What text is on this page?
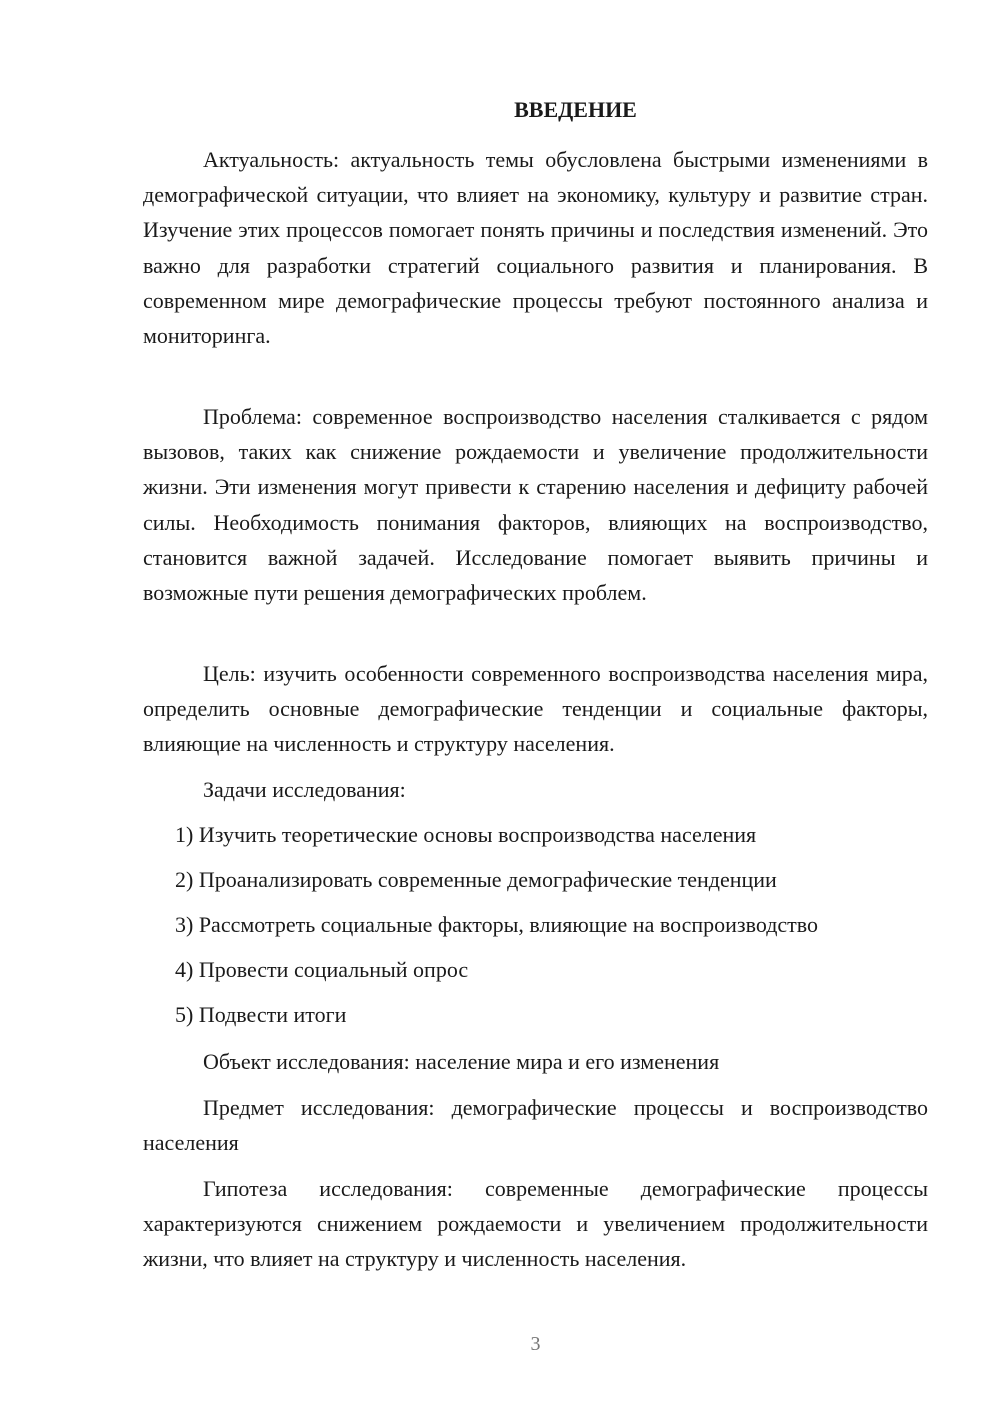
ВВЕДЕНИЕ

Актуальность: актуальность темы обусловлена быстрыми изменениями в демографической ситуации, что влияет на экономику, культуру и развитие стран. Изучение этих процессов помогает понять причины и последствия изменений. Это важно для разработки стратегий социального развития и планирования. В современном мире демографические процессы требуют постоянного анализа и мониторинга.

Проблема: современное воспроизводство населения сталкивается с рядом вызовов, таких как снижение рождаемости и увеличение продолжительности жизни. Эти изменения могут привести к старению населения и дефициту рабочей силы. Необходимость понимания факторов, влияющих на воспроизводство, становится важной задачей. Исследование помогает выявить причины и возможные пути решения демографических проблем.

Цель: изучить особенности современного воспроизводства населения мира, определить основные демографические тенденции и социальные факторы, влияющие на численность и структуру населения.

Задачи исследования:

1) Изучить теоретические основы воспроизводства населения
2) Проанализировать современные демографические тенденции
3) Рассмотреть социальные факторы, влияющие на воспроизводство
4) Провести социальный опрос
5) Подвести итоги

Объект исследования: население мира и его изменения

Предмет исследования: демографические процессы и воспроизводство населения

Гипотеза исследования: современные демографические процессы характеризуются снижением рождаемости и увеличением продолжительности жизни, что влияет на структуру и численность населения.

3
